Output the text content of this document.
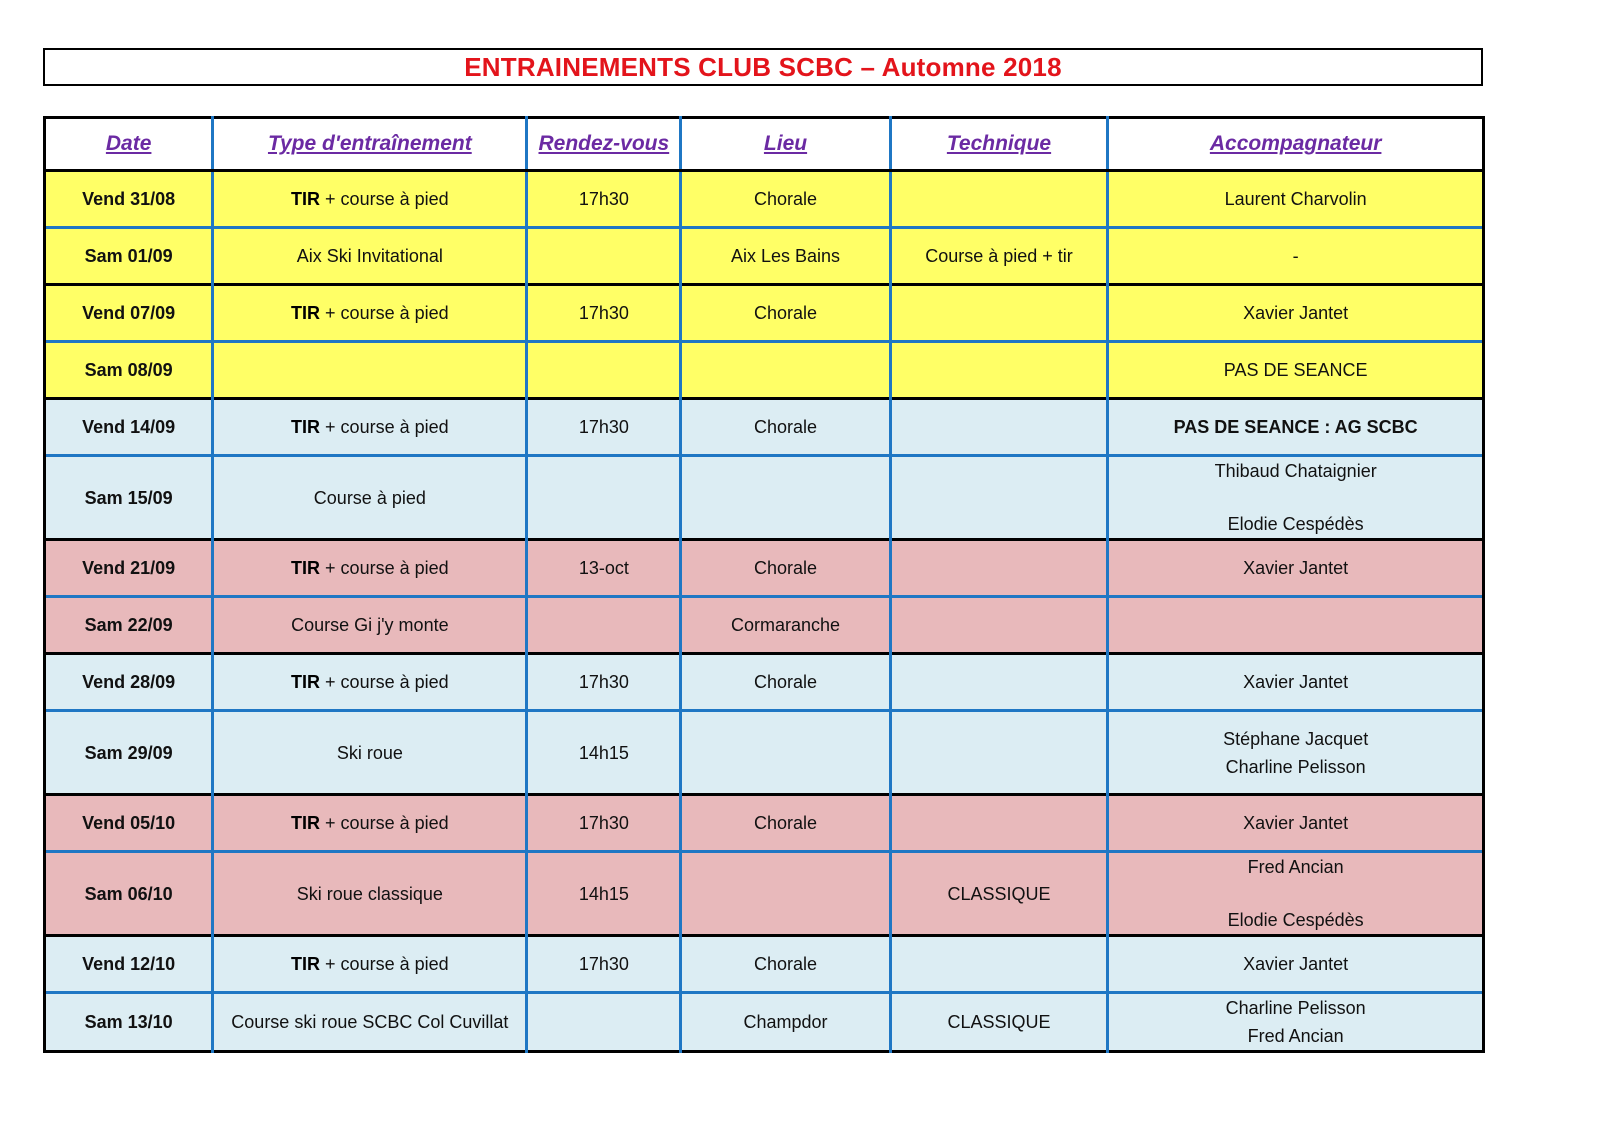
ENTRAINEMENTS CLUB SCBC – Automne 2018
Date	Type d'entraînement	Rendez-vous	Lieu	Technique	Accompagnateur
Vend 31/08	TIR + course à pied	17h30	Chorale		Laurent Charvolin
Sam 01/09	Aix Ski Invitational		Aix Les Bains	Course à pied + tir	-
Vend 07/09	TIR + course à pied	17h30	Chorale		Xavier Jantet
Sam 08/09					PAS DE SEANCE
Vend 14/09	TIR + course à pied	17h30	Chorale		PAS DE SEANCE : AG SCBC
Sam 15/09	Course à pied				Thibaud Chataignier
Elodie Cespédès

Vend 21/09	TIR + course à pied	13-oct	Chorale		Xavier Jantet
Sam 22/09	Course Gi j'y monte		Cormaranche		
Vend 28/09	TIR + course à pied	17h30	Chorale		Xavier Jantet
Sam 29/09	Ski roue	14h15			Stéphane Jacquet
Charline Pelisson

Vend 05/10	TIR + course à pied	17h30	Chorale		Xavier Jantet
Sam 06/10	Ski roue classique	14h15		CLASSIQUE	Fred Ancian
Elodie Cespédès

Vend 12/10	TIR + course à pied	17h30	Chorale		Xavier Jantet
Sam 13/10	Course ski roue SCBC Col Cuvillat		Champdor	CLASSIQUE	Charline Pelisson
Fred Ancian
